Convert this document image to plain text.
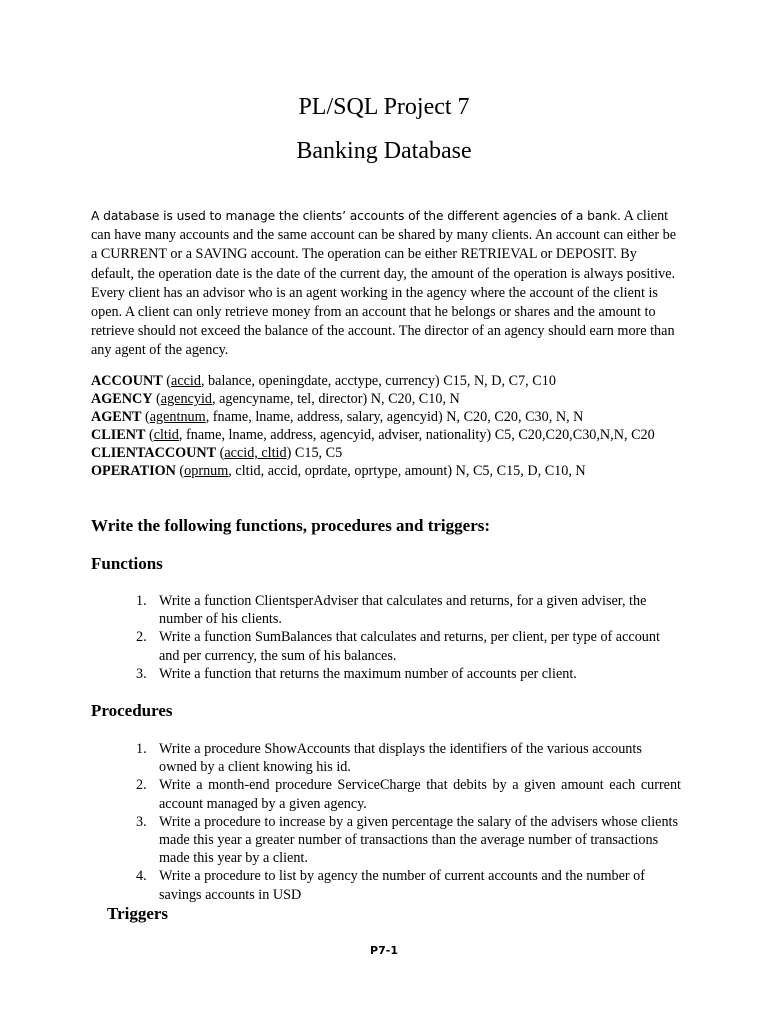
PL/SQL Project 7
Banking Database
A database is used to manage the clients’ accounts of the different agencies of a bank. A client can have many accounts and the same account can be shared by many clients. An account can either be a CURRENT or a SAVING account. The operation can be either RETRIEVAL or DEPOSIT. By default, the operation date is the date of the current day, the amount of the operation is always positive. Every client has an advisor who is an agent working in the agency where the account of the client is open. A client can only retrieve money from an account that he belongs or shares and the amount to retrieve should not exceed the balance of the account. The director of an agency should earn more than any agent of the agency.
ACCOUNT (accid, balance, openingdate, acctype, currency) C15, N, D, C7, C10
AGENCY (agencyid, agencyname, tel, director) N, C20, C10, N
AGENT (agentnum, fname, lname, address, salary, agencyid) N, C20, C20, C30, N, N
CLIENT (cltid, fname, lname, address, agencyid, adviser, nationality) C5, C20,C20,C30,N,N, C20
CLIENTACCOUNT (accid, cltid) C15, C5
OPERATION (oprnum, cltid, accid, oprdate, oprtype, amount) N, C5, C15, D, C10, N
Write the following functions, procedures and triggers:
Functions
1. Write a function ClientsperAdviser that calculates and returns, for a given adviser, the number of his clients.
2. Write a function SumBalances that calculates and returns, per client, per type of account and per currency, the sum of his balances.
3. Write a function that returns the maximum number of accounts per client.
Procedures
1. Write a procedure ShowAccounts that displays the identifiers of the various accounts owned by a client knowing his id.
2. Write a month-end procedure ServiceCharge that debits by a given amount each current account managed by a given agency.
3. Write a procedure to increase by a given percentage the salary of the advisers whose clients made this year a greater number of transactions than the average number of transactions made this year by a client.
4. Write a procedure to list by agency the number of current accounts and the number of savings accounts in USD
Triggers
P7-1
